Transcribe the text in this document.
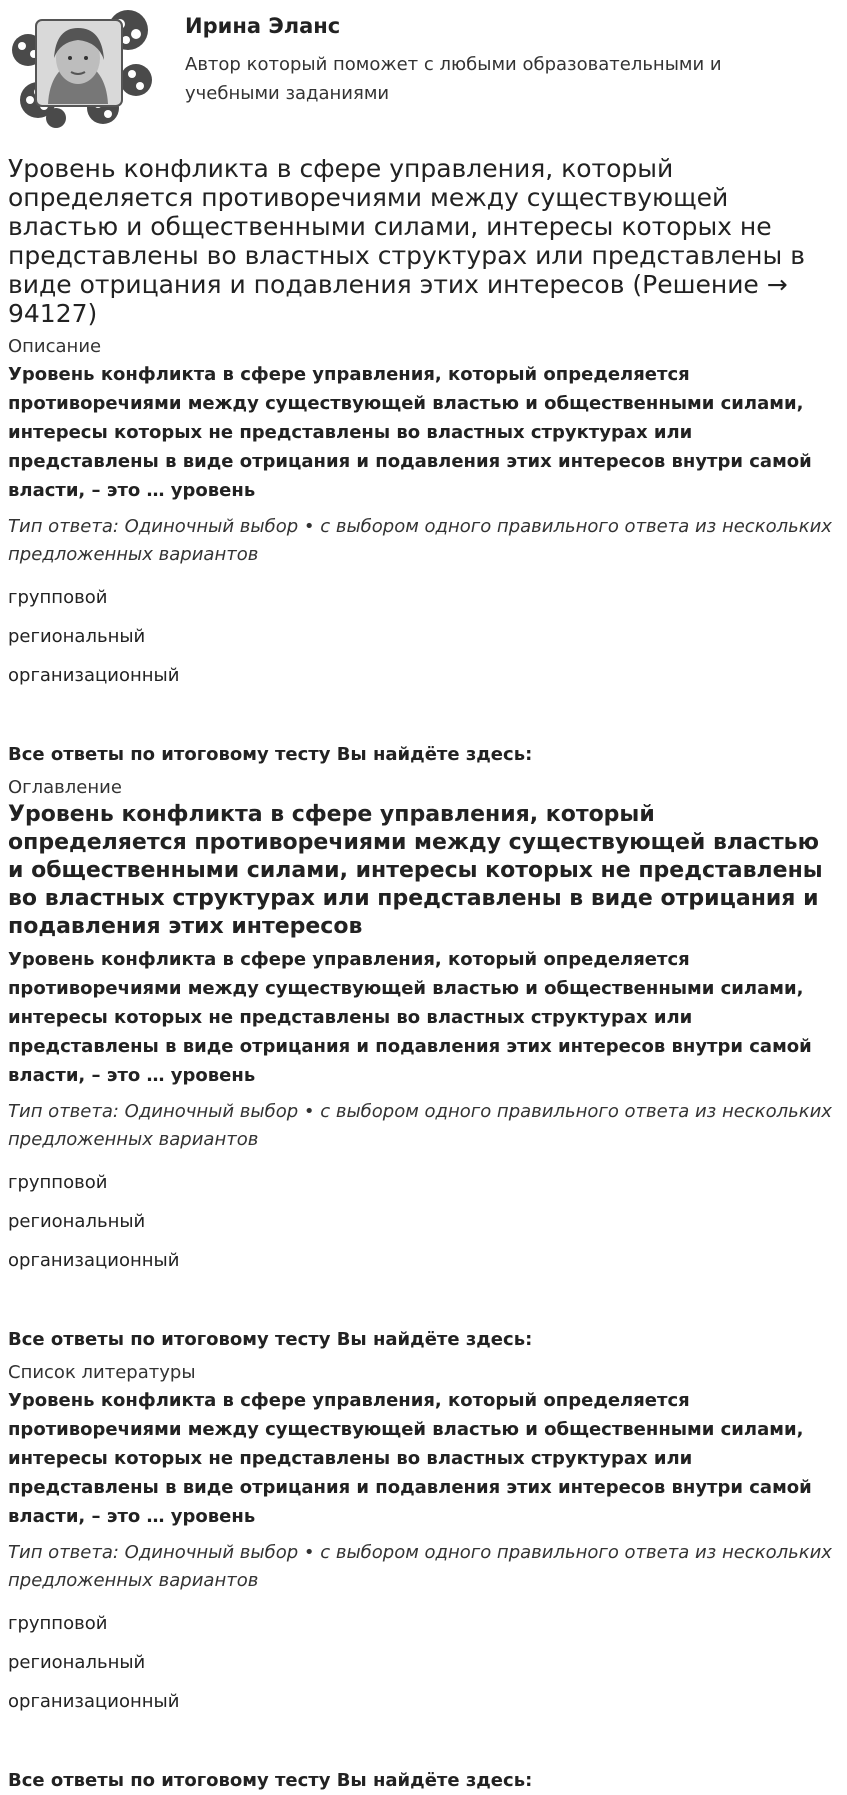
Ирина Эланс
Автор который поможет с любыми образовательными и учебными заданиями
Уровень конфликта в сфере управления, который определяется противоречиями между существующей властью и общественными силами, интересы которых не представлены во властных структурах или представлены в виде отрицания и подавления этих интересов (Решение → 94127)
Описание
Уровень конфликта в сфере управления, который определяется противоречиями между существующей властью и общественными силами, интересы которых не представлены во властных структурах или представлены в виде отрицания и подавления этих интересов внутри самой власти, – это … уровень
Тип ответа: Одиночный выбор • с выбором одного правильного ответа из нескольких предложенных вариантов
групповой
региональный
организационный
Все ответы по итоговому тесту Вы найдёте здесь:
Оглавление
Уровень конфликта в сфере управления, который определяется противоречиями между существующей властью и общественными силами, интересы которых не представлены во властных структурах или представлены в виде отрицания и подавления этих интересов
Уровень конфликта в сфере управления, который определяется противоречиями между существующей властью и общественными силами, интересы которых не представлены во властных структурах или представлены в виде отрицания и подавления этих интересов внутри самой власти, – это … уровень
Тип ответа: Одиночный выбор • с выбором одного правильного ответа из нескольких предложенных вариантов
групповой
региональный
организационный
Все ответы по итоговому тесту Вы найдёте здесь:
Список литературы
Уровень конфликта в сфере управления, который определяется противоречиями между существующей властью и общественными силами, интересы которых не представлены во властных структурах или представлены в виде отрицания и подавления этих интересов внутри самой власти, – это … уровень
Тип ответа: Одиночный выбор • с выбором одного правильного ответа из нескольких предложенных вариантов
групповой
региональный
организационный
Все ответы по итоговому тесту Вы найдёте здесь:
